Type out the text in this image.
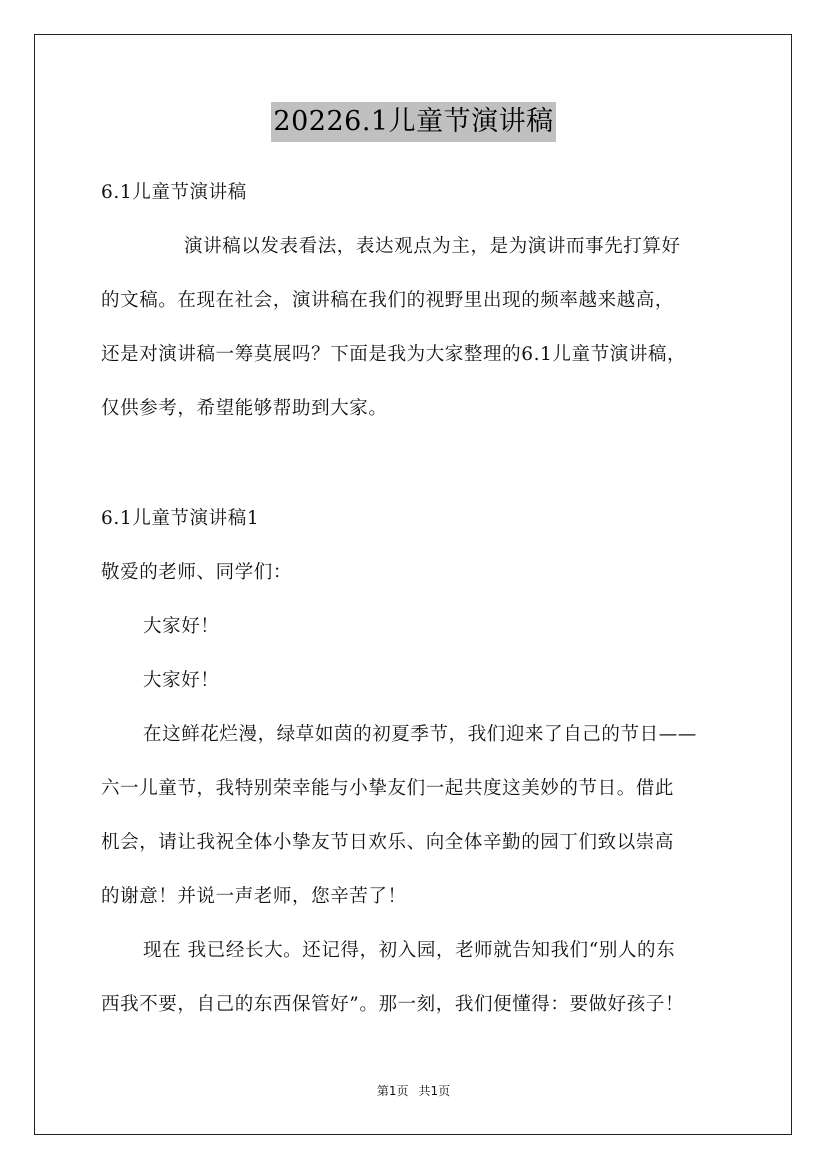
20226.1儿童节演讲稿
6.1儿童节演讲稿
演讲稿以发表看法，表达观点为主，是为演讲而事先打算好
的文稿。在现在社会，演讲稿在我们的视野里出现的频率越来越高，
还是对演讲稿一筹莫展吗？下面是我为大家整理的6.1儿童节演讲稿，
仅供参考，希望能够帮助到大家。
6.1儿童节演讲稿1
敬爱的老师、同学们：
大家好！
大家好！
在这鲜花烂漫，绿草如茵的初夏季节，我们迎来了自己的节日——
六一儿童节，我特别荣幸能与小挚友们一起共度这美妙的节日。借此
机会，请让我祝全体小挚友节日欢乐、向全体辛勤的园丁们致以崇高
的谢意！并说一声老师，您辛苦了！
现在 我已经长大。还记得，初入园，老师就告知我们“别人的东
西我不要，自己的东西保管好”。那一刻，我们便懂得：要做好孩子！
第1页 共1页
